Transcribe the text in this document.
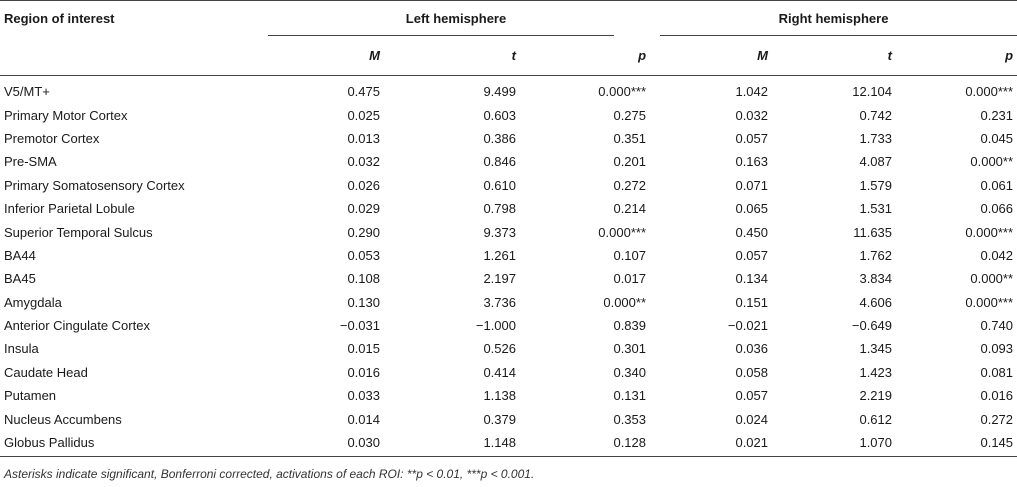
Region of interest	Left hemisphere			Right hemisphere		
	M	t	p	M	t	p
V5/MT+	0.475	9.499	0.000***	1.042	12.104	0.000***
Primary Motor Cortex	0.025	0.603	0.275	0.032	0.742	0.231
Premotor Cortex	0.013	0.386	0.351	0.057	1.733	0.045
Pre-SMA	0.032	0.846	0.201	0.163	4.087	0.000**
Primary Somatosensory Cortex	0.026	0.610	0.272	0.071	1.579	0.061
Inferior Parietal Lobule	0.029	0.798	0.214	0.065	1.531	0.066
Superior Temporal Sulcus	0.290	9.373	0.000***	0.450	11.635	0.000***
BA44	0.053	1.261	0.107	0.057	1.762	0.042
BA45	0.108	2.197	0.017	0.134	3.834	0.000**
Amygdala	0.130	3.736	0.000**	0.151	4.606	0.000***
Anterior Cingulate Cortex	−0.031	−1.000	0.839	−0.021	−0.649	0.740
Insula	0.015	0.526	0.301	0.036	1.345	0.093
Caudate Head	0.016	0.414	0.340	0.058	1.423	0.081
Putamen	0.033	1.138	0.131	0.057	2.219	0.016
Nucleus Accumbens	0.014	0.379	0.353	0.024	0.612	0.272
Globus Pallidus	0.030	1.148	0.128	0.021	1.070	0.145

Asterisks indicate significant, Bonferroni corrected, activations of each ROI: **p < 0.01, ***p < 0.001.
